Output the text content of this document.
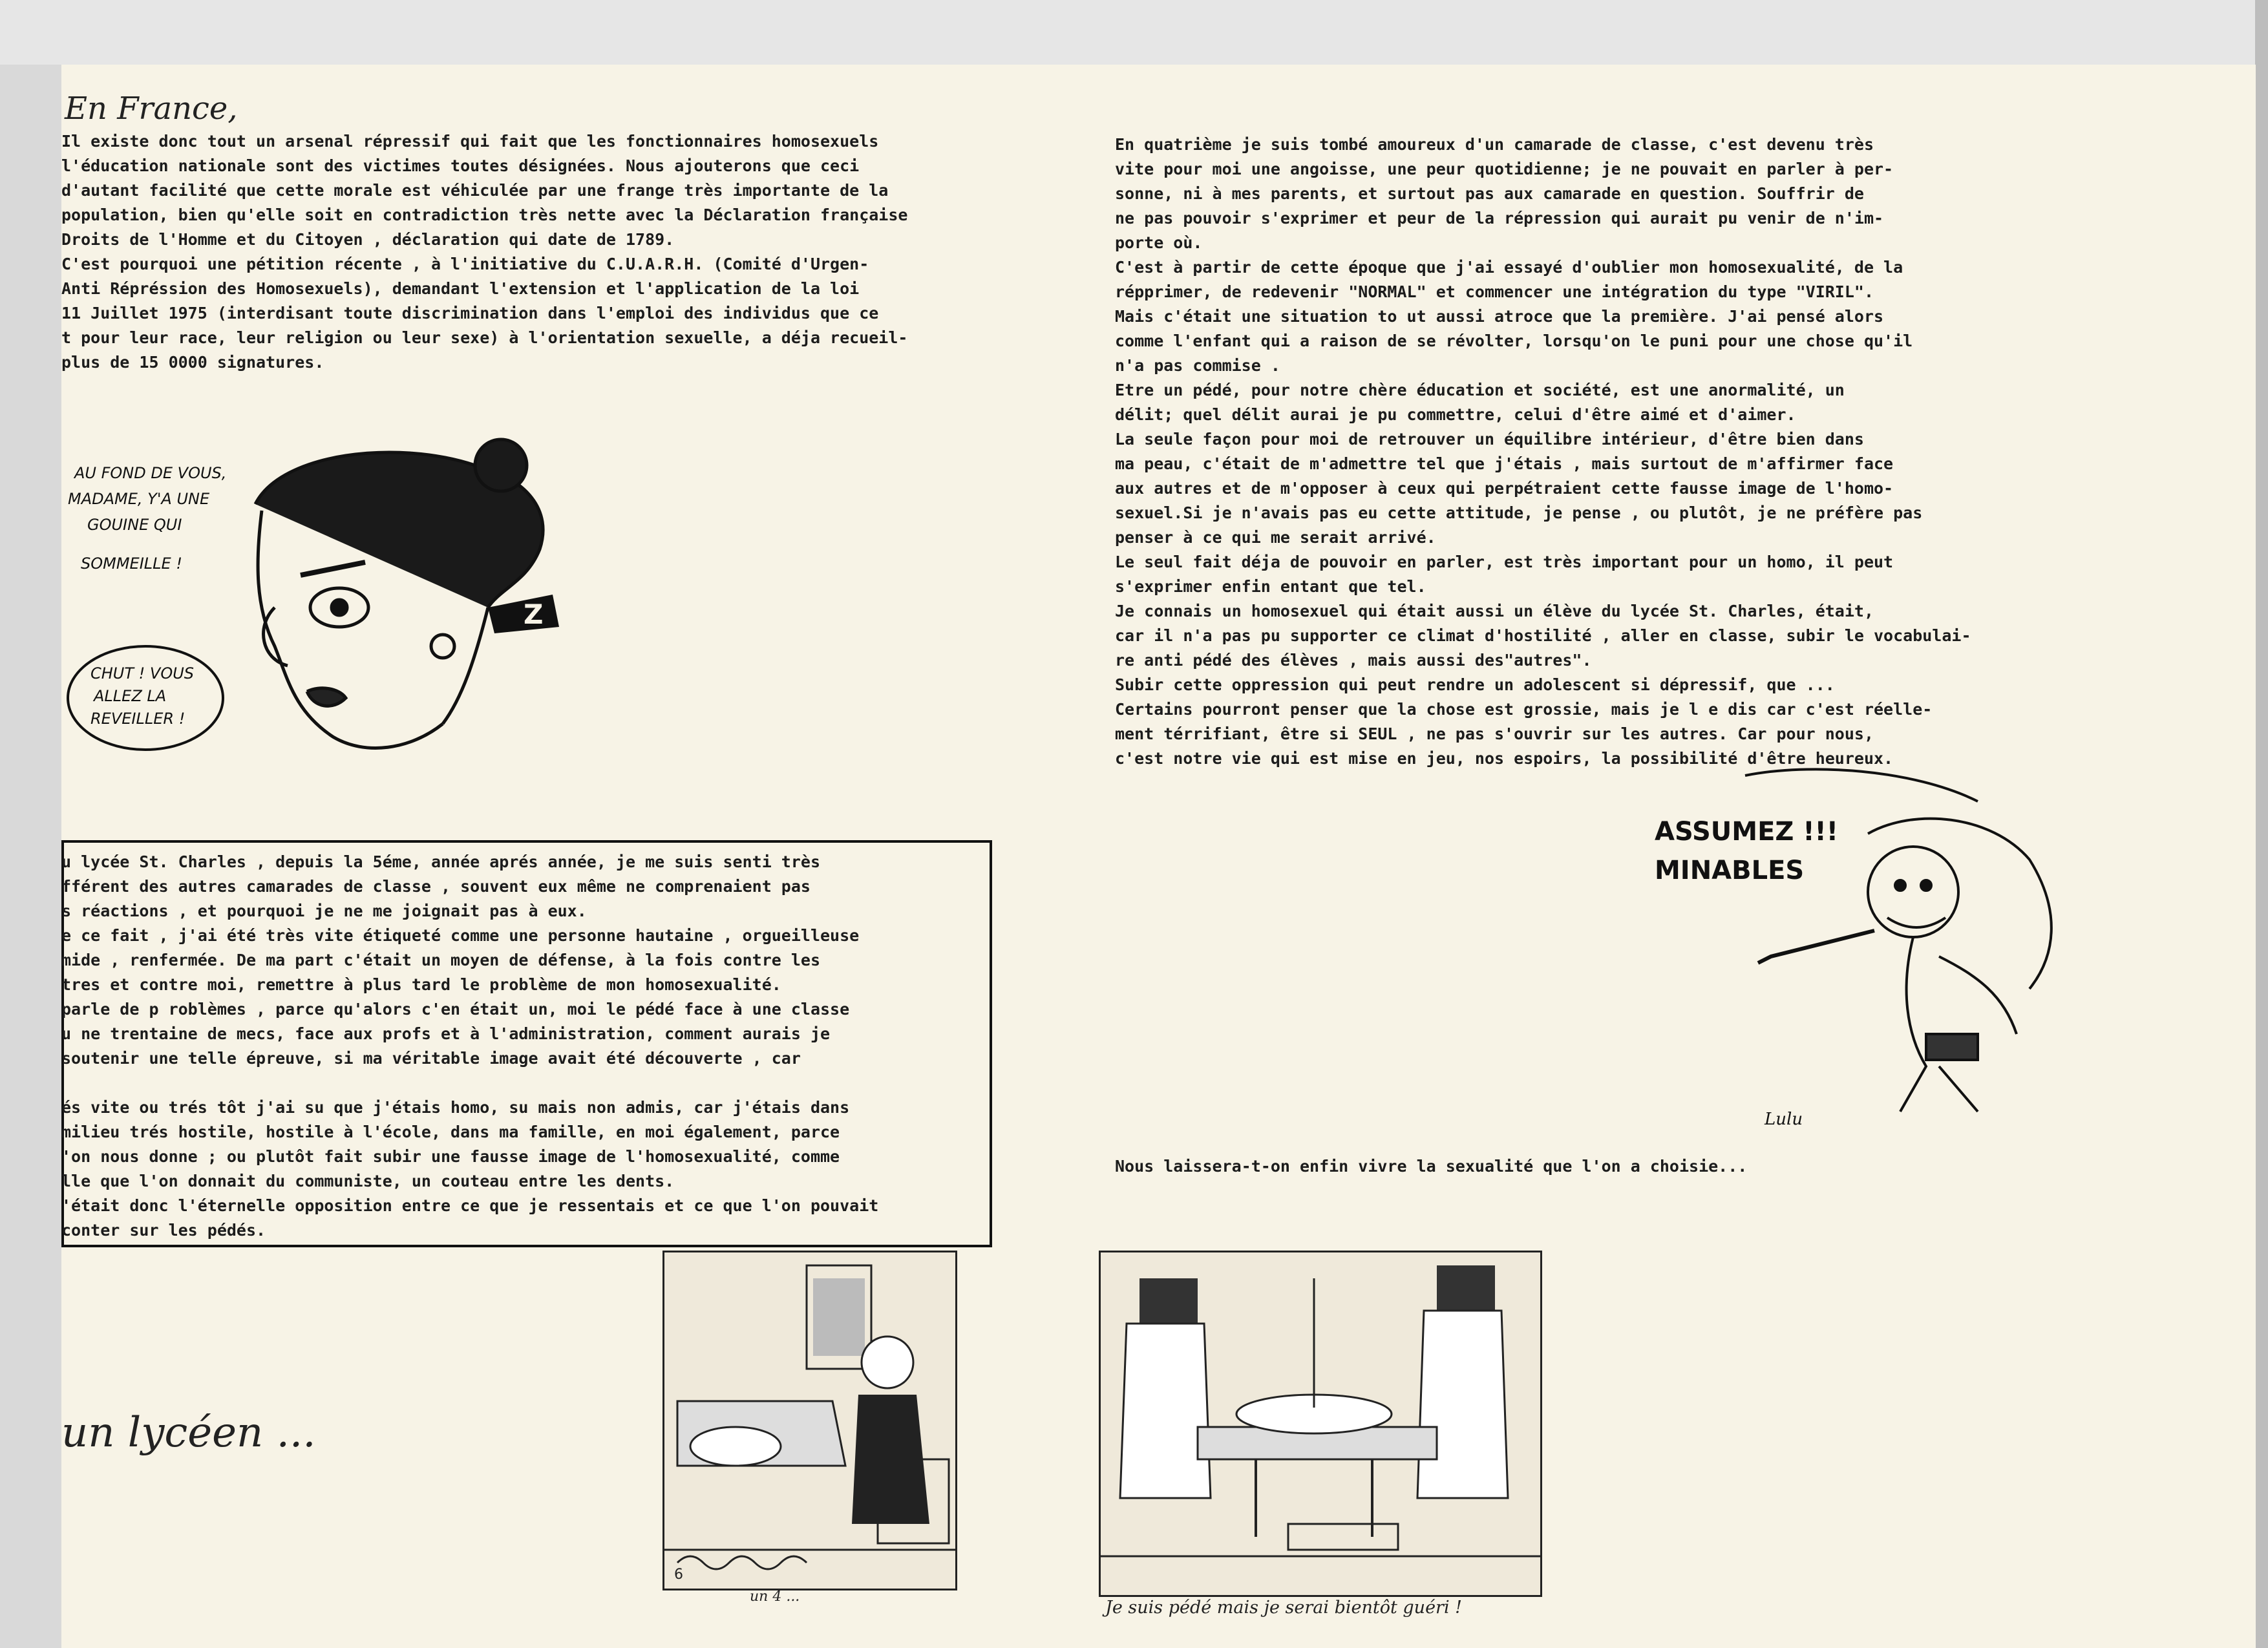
En France,
Il existe donc tout un arsenal répressif qui fait que les fonctionnaires homosexuels
l'éducation nationale sont des victimes toutes désignées. Nous ajouterons que ceci
d'autant facilité que cette morale est véhiculée par une frange très importante de la
population, bien qu'elle soit en contradiction très nette avec la Déclaration française
Droits de l'Homme et du Citoyen , déclaration qui date de 1789.
C'est pourquoi une pétition récente , à l'initiative du C.U.A.R.H. (Comité d'Urgen-
Anti Répréssion des Homosexuels), demandant l'extension et l'application de la loi
11 Juillet 1975 (interdisant toute discrimination dans l'emploi des individus que ce
t pour leur race, leur religion ou leur sexe) à l'orientation sexuelle, a déja recueil-
plus de 15 0000 signatures.
Z
AU FOND DE VOUS,
MADAME, Y'A UNE
GOUINE QUI
SOMMEILLE !
CHUT ! VOUS
ALLEZ LA
REVEILLER !
u lycée St. Charles , depuis la 5éme, année aprés année, je me suis senti très
fférent des autres camarades de classe , souvent eux même ne comprenaient pas
s réactions , et pourquoi je ne me joignait pas à eux.
e ce fait , j'ai été très vite étiqueté comme une personne hautaine , orgueilleuse
mide , renfermée. De ma part c'était un moyen de défense, à la fois contre les
tres et contre moi, remettre à plus tard le problème de mon homosexualité.
parle de p roblèmes , parce qu'alors c'en était un, moi le pédé face à une classe
u ne trentaine de mecs, face aux profs et à l'administration, comment aurais je
soutenir une telle épreuve, si ma véritable image avait été découverte , car

és vite ou trés tôt j'ai su que j'étais homo, su mais non admis, car j'étais dans
milieu trés hostile, hostile à l'école, dans ma famille, en moi également, parce
'on nous donne ; ou plutôt fait subir une fausse image de l'homosexualité, comme
lle que l'on donnait du communiste, un couteau entre les dents.
'était donc l'éternelle opposition entre ce que je ressentais et ce que l'on pouvait
conter sur les pédés.
un lycéen ...
6
un 4 ...
En quatrième je suis tombé amoureux d'un camarade de classe, c'est devenu très
vite pour moi une angoisse, une peur quotidienne; je ne pouvait en parler à per-
sonne, ni à mes parents, et surtout pas aux camarade en question. Souffrir de
ne pas pouvoir s'exprimer et peur de la répression qui aurait pu venir de n'im-
porte où.
C'est à partir de cette époque que j'ai essayé d'oublier mon homosexualité, de la
répprimer, de redevenir "NORMAL" et commencer une intégration du type "VIRIL".
Mais c'était une situation to ut aussi atroce que la première. J'ai pensé alors
comme l'enfant qui a raison de se révolter, lorsqu'on le puni pour une chose qu'il
n'a pas commise .
Etre un pédé, pour notre chère éducation et société, est une anormalité, un
délit; quel délit aurai je pu commettre, celui d'être aimé et d'aimer.
La seule façon pour moi de retrouver un équilibre intérieur, d'être bien dans
ma peau, c'était de m'admettre tel que j'étais , mais surtout de m'affirmer face
aux autres et de m'opposer à ceux qui perpétraient cette fausse image de l'homo-
sexuel.Si je n'avais pas eu cette attitude, je pense , ou plutôt, je ne préfère pas
penser à ce qui me serait arrivé.
Le seul fait déja de pouvoir en parler, est très important pour un homo, il peut
s'exprimer enfin entant que tel.
Je connais un homosexuel qui était aussi un élève du lycée St. Charles, était,
car il n'a pas pu supporter ce climat d'hostilité , aller en classe, subir le vocabulai-
re anti pédé des élèves , mais aussi des"autres".
Subir cette oppression qui peut rendre un adolescent si dépressif, que ...
Certains pourront penser que la chose est grossie, mais je l e dis car c'est réelle-
ment térrifiant, être si SEUL , ne pas s'ouvrir sur les autres. Car pour nous,
c'est notre vie qui est mise en jeu, nos espoirs, la possibilité d'être heureux.
ASSUMEZ !!!
MINABLES
Lulu
Nous laissera-t-on enfin vivre la sexualité que l'on a choisie...
Je suis pédé mais je serai bientôt guéri !
